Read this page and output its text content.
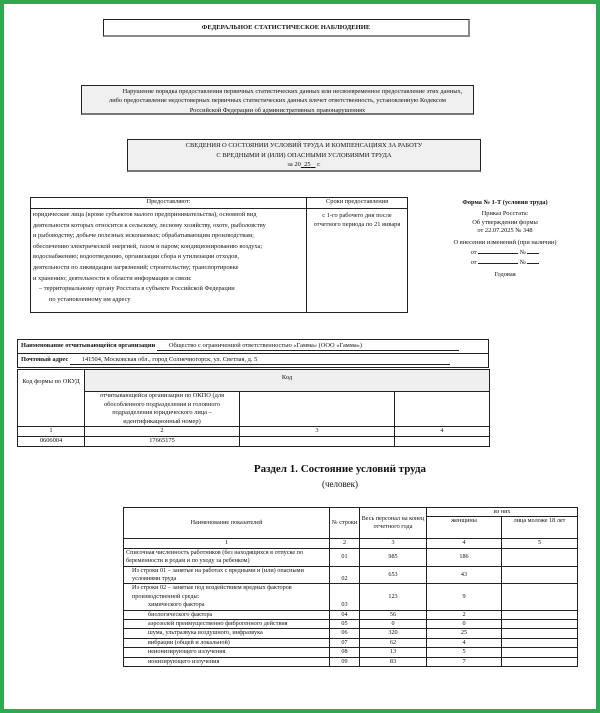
ФЕДЕРАЛЬНОЕ СТАТИСТИЧЕСКОЕ НАБЛЮДЕНИЕ
Нарушение порядка предоставления первичных статистических данных или несвоевременное предоставление этих данных,
либо предоставление недостоверных первичных статистических данных влечет ответственность, установленную Кодексом
Российской Федерации об административных правонарушениях
СВЕДЕНИЯ О СОСТОЯНИИ УСЛОВИЙ ТРУДА И КОМПЕНСАЦИЯХ ЗА РАБОТУ
С ВРЕДНЫМИ И (ИЛИ) ОПАСНЫМИ УСЛОВИЯМИ ТРУДА
за 20 25 г.
Предоставляют:	Сроки предоставления

юридические лица (кроме субъектов малого предпринимательства), основной вид
деятельности которых относится к сельскому, лесному хозяйству, охоте, рыболовству
и рыбоводству; добыче полезных ископаемых; обрабатывающим производствам;
обеспечению электрической энергией, газом и паром; кондиционированию воздуха;
водоснабжению; водоотведению, организации сбора и утилизации отходов,
деятельности по ликвидации загрязнений; строительству; транспортировке
и хранению; деятельности в области информации и связи:
– территориальному органу Росстата в субъекте Российской Федерации
по установленному им адресу

с 1-го рабочего дня после
отчетного периода по 21 января
Форма № 1-Т (условия труда)
Приказ Росстата:
Об утверждении формы
от 22.07.2025 № 348
О внесении изменений (при наличии)
от	№
от	№
Годовая
Наименование отчитывающейся организации Общество с ограниченной ответственностью «Гамма» (ООО «Гамма»)
Почтовый адрес 141504, Московская обл., город Солнечногорск, ул. Светлая, д. 5
Код формы по ОКУД	Код		
	отчитывающейся организации по ОКПО (для обособленного подразделения и головного подразделения юридического лица – идентификационный номер)		
1	2	3	4
0606004	17665175		
Раздел 1. Состояние условий труда
(человек)
Наименование показателей	№ строки	Весь персонал на конец отчетного года	из них	
			женщины	лица моложе 18 лет
1	2	3	4	5
Списочная численность работников (без находящихся в отпуске по беременности и родам и по уходу за ребенком)	01	985	186	
Из строки 01 – занятые на работах с вредными и (или) опасными условиями труда	02	653	43	

Из строки 02 – занятые под воздействием вредных факторов производственной среды:
химического фактора	03	123	9	
биологического фактора	04	56	2	
аэрозолей преимущественно фиброгенного действия	05	0	0	
шума, ультразвука воздушного, инфразвука	06	320	25	
вибрации (общей и локальной)	07	62	4	
неионизирующего излучения	08	13	5	
ионизирующего излучения	09	83	7	
